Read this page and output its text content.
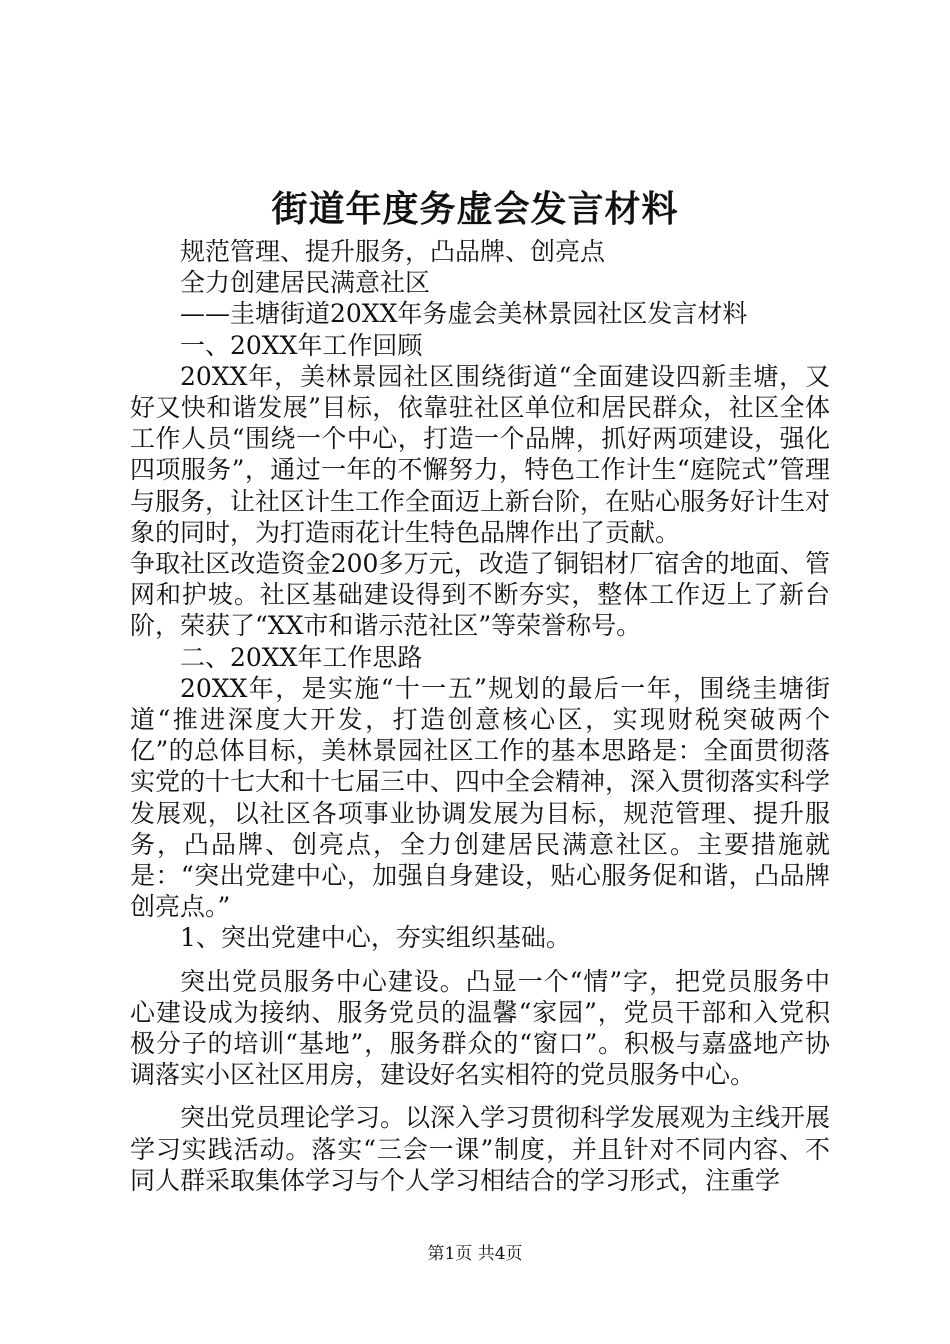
街道年度务虚会发言材料

规范管理、提升服务，凸品牌、创亮点

全力创建居民满意社区

——圭塘街道20XX年务虚会美林景园社区发言材料

一、20XX年工作回顾

20XX年，美林景园社区围绕街道“全面建设四新圭塘，又好又快和谐发展”目标，依靠驻社区单位和居民群众，社区全体工作人员“围绕一个中心，打造一个品牌，抓好两项建设，强化四项服务”，通过一年的不懈努力，特色工作计生“庭院式”管理与服务，让社区计生工作全面迈上新台阶，在贴心服务好计生对象的同时，为打造雨花计生特色品牌作出了贡献。

争取社区改造资金200多万元，改造了铜铝材厂宿舍的地面、管网和护坡。社区基础建设得到不断夯实，整体工作迈上了新台阶，荣获了“XX市和谐示范社区”等荣誉称号。

二、20XX年工作思路

20XX年，是实施“十一五”规划的最后一年，围绕圭塘街道“推进深度大开发，打造创意核心区，实现财税突破两个亿”的总体目标，美林景园社区工作的基本思路是：全面贯彻落实党的十七大和十七届三中、四中全会精神，深入贯彻落实科学发展观，以社区各项事业协调发展为目标，规范管理、提升服务，凸品牌、创亮点，全力创建居民满意社区。主要措施就是：“突出党建中心，加强自身建设，贴心服务促和谐，凸品牌创亮点。”

1、突出党建中心，夯实组织基础。

突出党员服务中心建设。凸显一个“情”字，把党员服务中心建设成为接纳、服务党员的温馨“家园”，党员干部和入党积极分子的培训“基地”，服务群众的“窗口”。积极与嘉盛地产协调落实小区社区用房，建设好名实相符的党员服务中心。

突出党员理论学习。以深入学习贯彻科学发展观为主线开展学习实践活动。落实“三会一课”制度，并且针对不同内容、不同人群采取集体学习与个人学习相结合的学习形式，注重学

第1页 共4页
